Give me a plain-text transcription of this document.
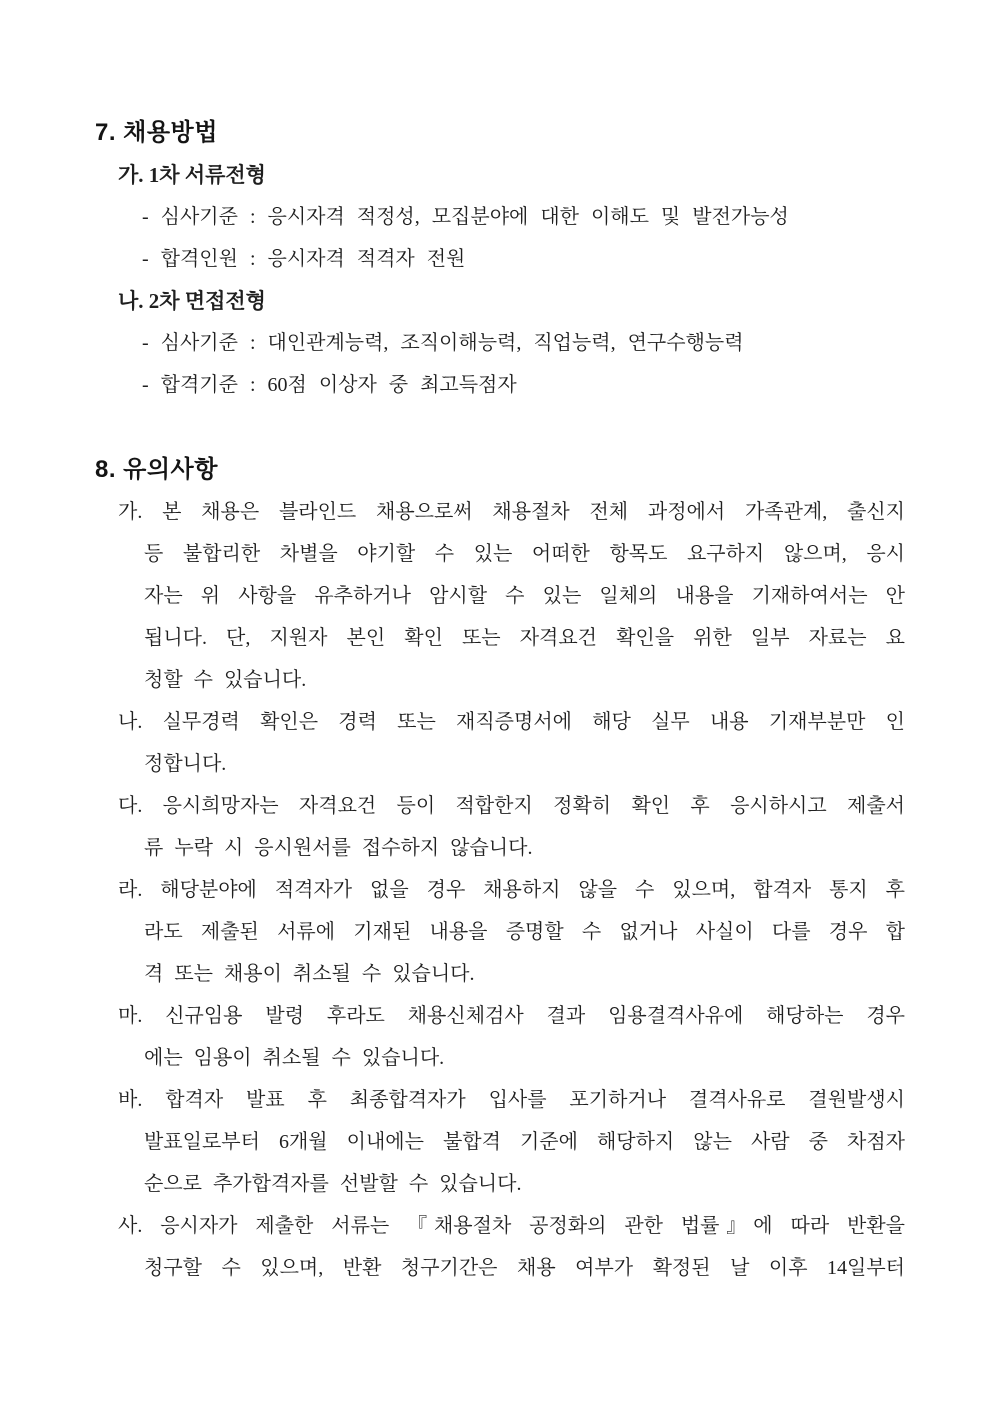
7. 채용방법
가. 1차 서류전형
- 심사기준 : 응시자격 적정성, 모집분야에 대한 이해도 및 발전가능성
- 합격인원 : 응시자격 적격자 전원
나. 2차 면접전형
- 심사기준 : 대인관계능력, 조직이해능력, 직업능력, 연구수행능력
- 합격기준 : 60점 이상자 중 최고득점자
8. 유의사항
가. 본 채용은 블라인드 채용으로써 채용절차 전체 과정에서 가족관계, 출신지
등 불합리한 차별을 야기할 수 있는 어떠한 항목도 요구하지 않으며, 응시
자는 위 사항을 유추하거나 암시할 수 있는 일체의 내용을 기재하여서는 안
됩니다. 단, 지원자 본인 확인 또는 자격요건 확인을 위한 일부 자료는 요
청할 수 있습니다.
나. 실무경력 확인은 경력 또는 재직증명서에 해당 실무 내용 기재부분만 인
정합니다.
다. 응시희망자는 자격요건 등이 적합한지 정확히 확인 후 응시하시고 제출서
류 누락 시 응시원서를 접수하지 않습니다.
라. 해당분야에 적격자가 없을 경우 채용하지 않을 수 있으며, 합격자 통지 후
라도 제출된 서류에 기재된 내용을 증명할 수 없거나 사실이 다를 경우 합
격 또는 채용이 취소될 수 있습니다.
마. 신규임용 발령 후라도 채용신체검사 결과 임용결격사유에 해당하는 경우
에는 임용이 취소될 수 있습니다.
바. 합격자 발표 후 최종합격자가 입사를 포기하거나 결격사유로 결원발생시
발표일로부터 6개월 이내에는 불합격 기준에 해당하지 않는 사람 중 차점자
순으로 추가합격자를 선발할 수 있습니다.
사. 응시자가 제출한 서류는 『채용절차 공정화의 관한 법률』에 따라 반환을
청구할 수 있으며, 반환 청구기간은 채용 여부가 확정된 날 이후 14일부터
